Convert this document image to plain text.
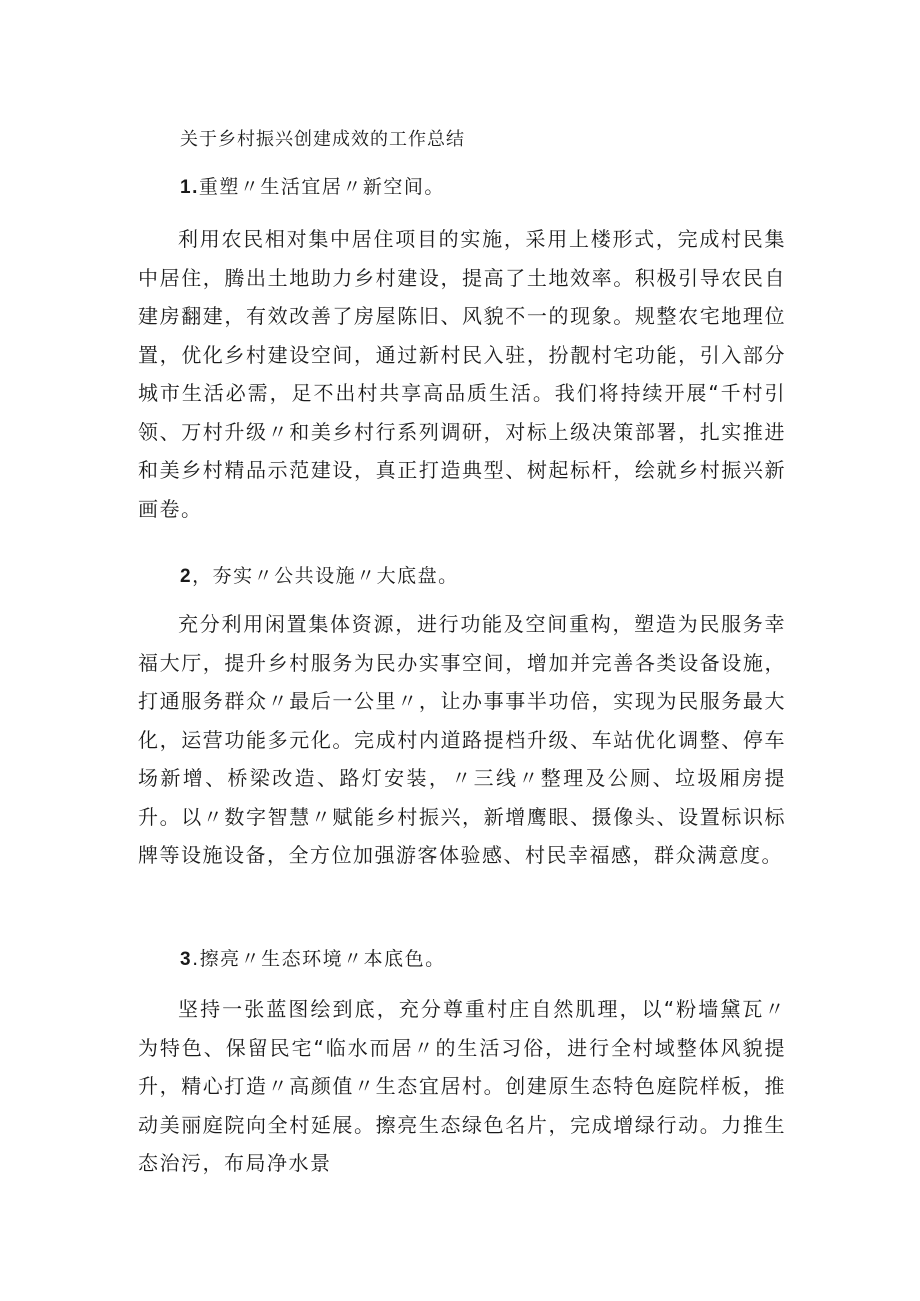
关于乡村振兴创建成效的工作总结
1.重塑〃生活宜居〃新空间。

利用农民相对集中居住项目的实施，采用上楼形式，完成村民集中居住，腾出土地助力乡村建设，提高了土地效率。积极引导农民自建房翻建，有效改善了房屋陈旧、风貌不一的现象。规整农宅地理位置，优化乡村建设空间，通过新村民入驻，扮靓村宅功能，引入部分城市生活必需，足不出村共享高品质生活。我们将持续开展“千村引领、万村升级〃和美乡村行系列调研，对标上级决策部署，扎实推进和美乡村精品示范建设，真正打造典型、树起标杆，绘就乡村振兴新画卷。

2，夯实〃公共设施〃大底盘。

充分利用闲置集体资源，进行功能及空间重构，塑造为民服务幸福大厅，提升乡村服务为民办实事空间，增加并完善各类设备设施，打通服务群众〃最后一公里〃，让办事事半功倍，实现为民服务最大化，运营功能多元化。完成村内道路提档升级、车站优化调整、停车场新增、桥梁改造、路灯安装，〃三线〃整理及公厕、垃圾厢房提升。以〃数字智慧〃赋能乡村振兴，新增鹰眼、摄像头、设置标识标牌等设施设备，全方位加强游客体验感、村民幸福感，群众满意度。

3.擦亮〃生态环境〃本底色。

坚持一张蓝图绘到底，充分尊重村庄自然肌理，以“粉墙黛瓦〃为特色、保留民宅“临水而居〃的生活习俗，进行全村域整体风貌提升，精心打造〃高颜值〃生态宜居村。创建原生态特色庭院样板，推动美丽庭院向全村延展。擦亮生态绿色名片，完成增绿行动。力推生态治污，布局净水景
